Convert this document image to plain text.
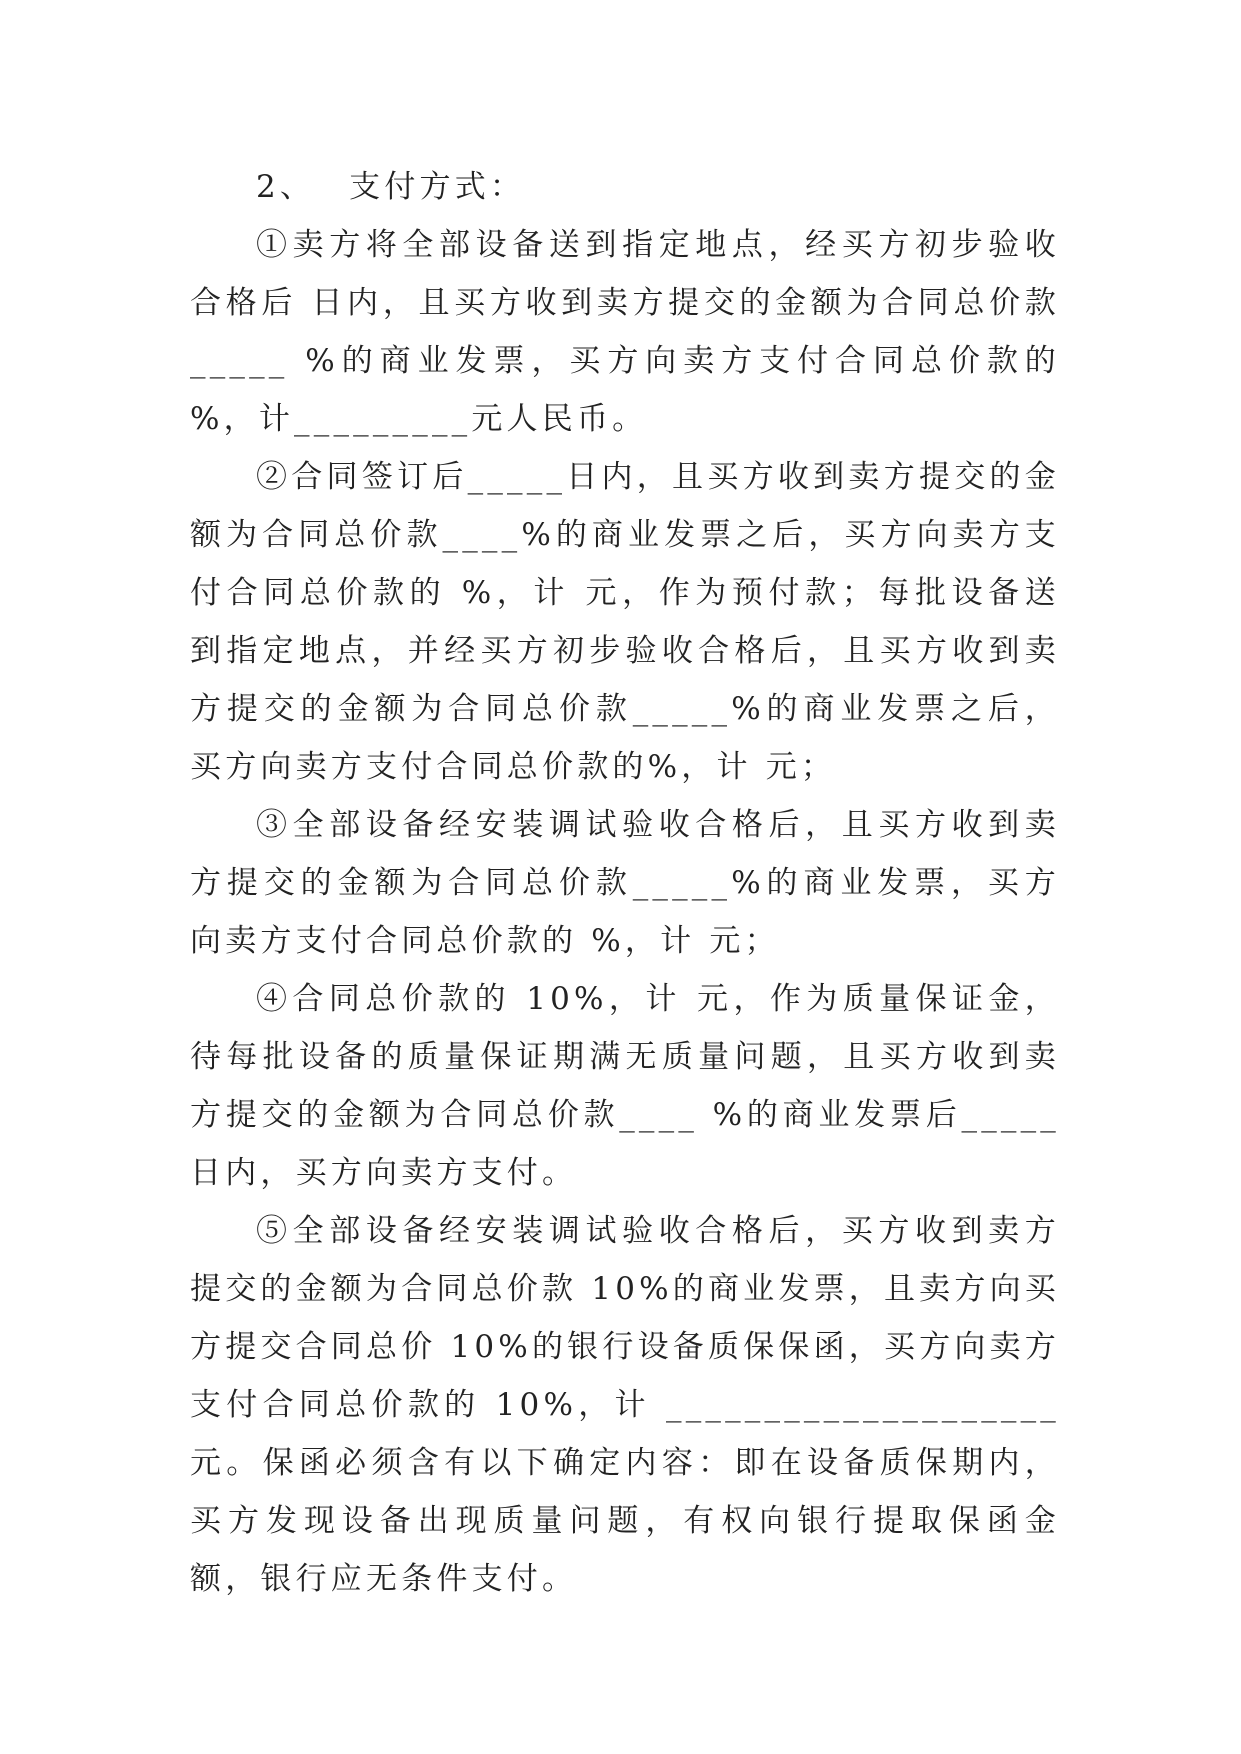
2、 支付方式：

①卖方将全部设备送到指定地点，经买方初步验收合格后 日内，且买方收到卖方提交的金额为合同总价款_____ %的商业发票，买方向卖方支付合同总价款的 %，计_________元人民币。

②合同签订后_____日内，且买方收到卖方提交的金额为合同总价款____%的商业发票之后，买方向卖方支付合同总价款的 %，计 元，作为预付款；每批设备送到指定地点，并经买方初步验收合格后，且买方收到卖方提交的金额为合同总价款_____%的商业发票之后，买方向卖方支付合同总价款的%，计 元；

③全部设备经安装调试验收合格后，且买方收到卖方提交的金额为合同总价款_____%的商业发票，买方向卖方支付合同总价款的 %，计 元；

④合同总价款的 10%，计 元，作为质量保证金，待每批设备的质量保证期满无质量问题，且买方收到卖方提交的金额为合同总价款____ %的商业发票后_____日内，买方向卖方支付。

⑤全部设备经安装调试验收合格后，买方收到卖方提交的金额为合同总价款 10%的商业发票，且卖方向买方提交合同总价 10%的银行设备质保保函，买方向卖方支付合同总价款的 10%，计 ____________________元。保函必须含有以下确定内容：即在设备质保期内，买方发现设备出现质量问题，有权向银行提取保函金额，银行应无条件支付。
